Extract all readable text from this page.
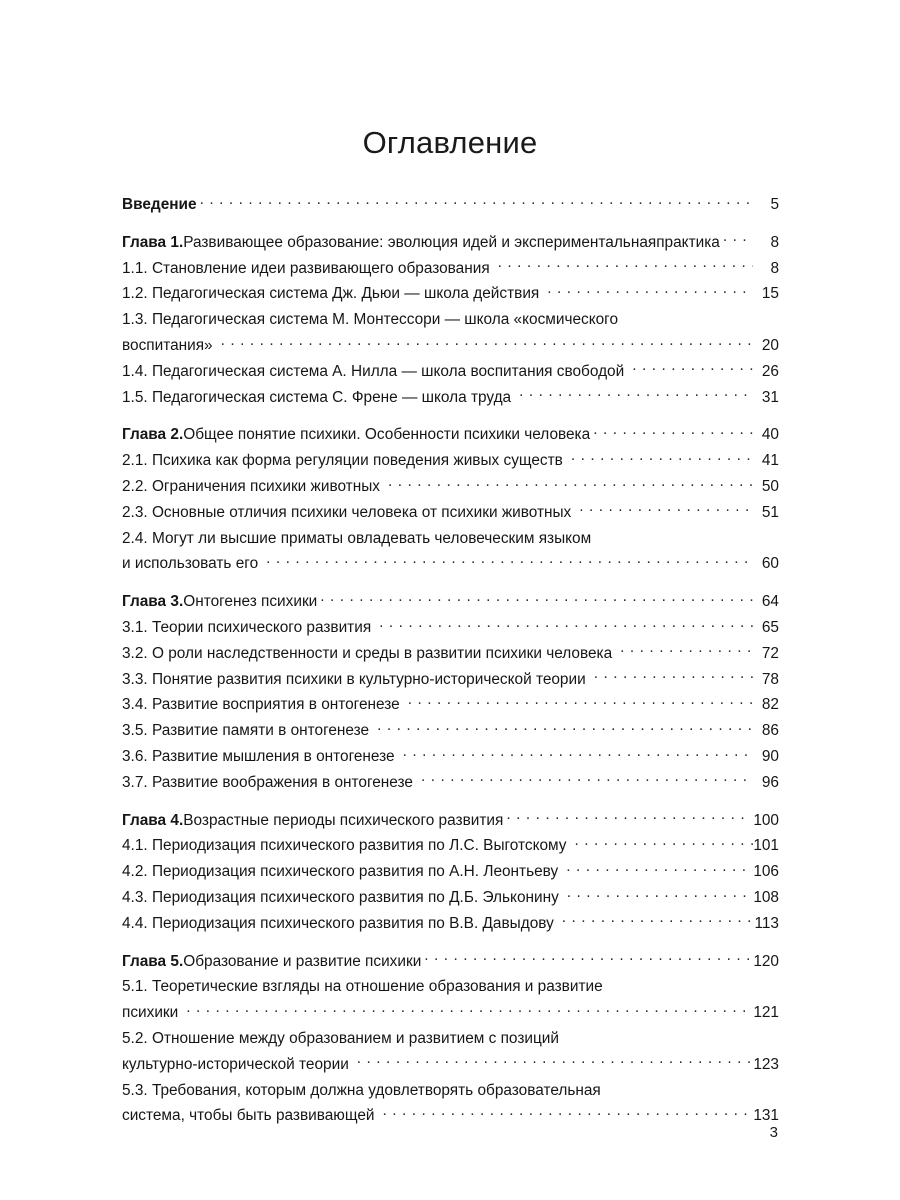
Оглавление
Введение . . .	5
Глава 1. Развивающее образование: эволюция идей и экспериментальная практика . . .	8
1.1. Становление идеи развивающего образования . . .	8
1.2. Педагогическая система Дж. Дьюи — школа действия . . .	15
1.3. Педагогическая система М. Монтессори — школа «космического
воспитания» . . .	20
1.4. Педагогическая система А. Нилла — школа воспитания свободой . . .	26
1.5. Педагогическая система С. Френе — школа труда . . .	31
Глава 2. Общее понятие психики. Особенности психики человека . . .	40
2.1. Психика как форма регуляции поведения живых существ . . .	41
2.2. Ограничения психики животных . . .	50
2.3. Основные отличия психики человека от психики животных . . .	51
2.4. Могут ли высшие приматы овладевать человеческим языком
и использовать его . . .	60
Глава 3. Онтогенез психики . . .	64
3.1. Теории психического развития . . .	65
3.2. О роли наследственности и среды в развитии психики человека . . .	72
3.3. Понятие развития психики в культурно-исторической теории . . .	78
3.4. Развитие восприятия в онтогенезе . . .	82
3.5. Развитие памяти в онтогенезе . . .	86
3.6. Развитие мышления в онтогенезе . . .	90
3.7. Развитие воображения в онтогенезе . . .	96
Глава 4. Возрастные периоды психического развития . . .	100
4.1. Периодизация психического развития по Л.С. Выготскому . . .	101
4.2. Периодизация психического развития по А.Н. Леонтьеву . . .	106
4.3. Периодизация психического развития по Д.Б. Эльконину . . .	108
4.4. Периодизация психического развития по В.В. Давыдову . . .	113
Глава 5. Образование и развитие психики . . .	120
5.1. Теоретические взгляды на отношение образования и развитие
психики . . .	121
5.2. Отношение между образованием и развитием с позиций
культурно-исторической теории . . .	123
5.3. Требования, которым должна удовлетворять образовательная
система, чтобы быть развивающей . . .	131
3
